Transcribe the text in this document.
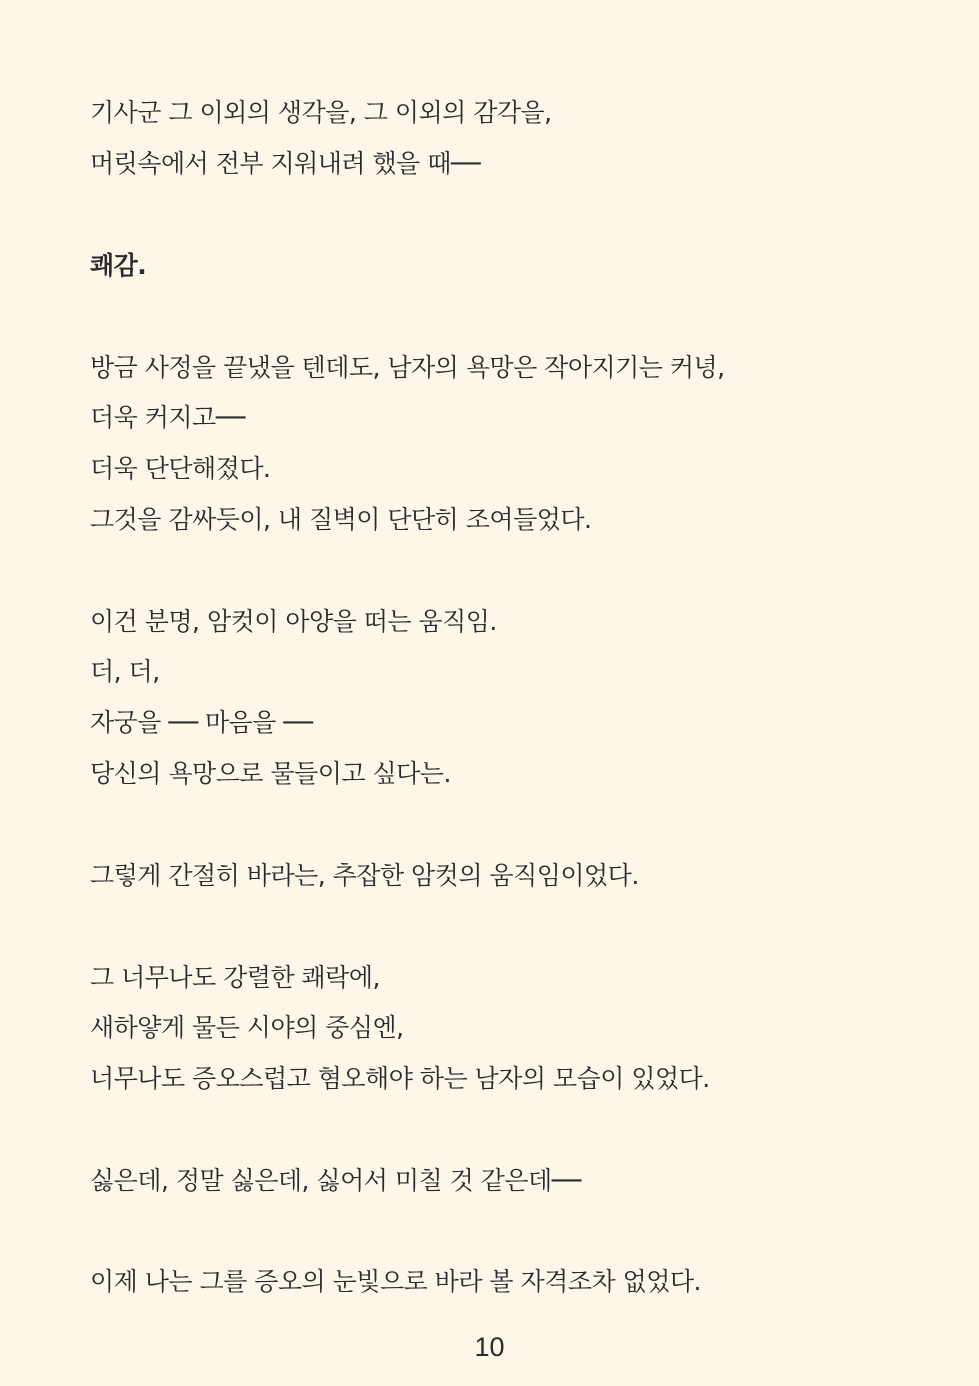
기사군 그 이외의 생각을, 그 이외의 감각을,
머릿속에서 전부 지워내려 했을 때──
쾌감.
방금 사정을 끝냈을 텐데도, 남자의 욕망은 작아지기는 커녕,
더욱 커지고──
더욱 단단해졌다.
그것을 감싸듯이, 내 질벽이 단단히 조여들었다.
이건 분명, 암컷이 아양을 떠는 움직임.
더, 더,
자궁을 ── 마음을 ──
당신의 욕망으로 물들이고 싶다는.
그렇게 간절히 바라는, 추잡한 암컷의 움직임이었다.
그 너무나도 강렬한 쾌락에,
새하얗게 물든 시야의 중심엔,
너무나도 증오스럽고 혐오해야 하는 남자의 모습이 있었다.
싫은데, 정말 싫은데, 싫어서 미칠 것 같은데──
이제 나는 그를 증오의 눈빛으로 바라 볼 자격조차 없었다.
10
